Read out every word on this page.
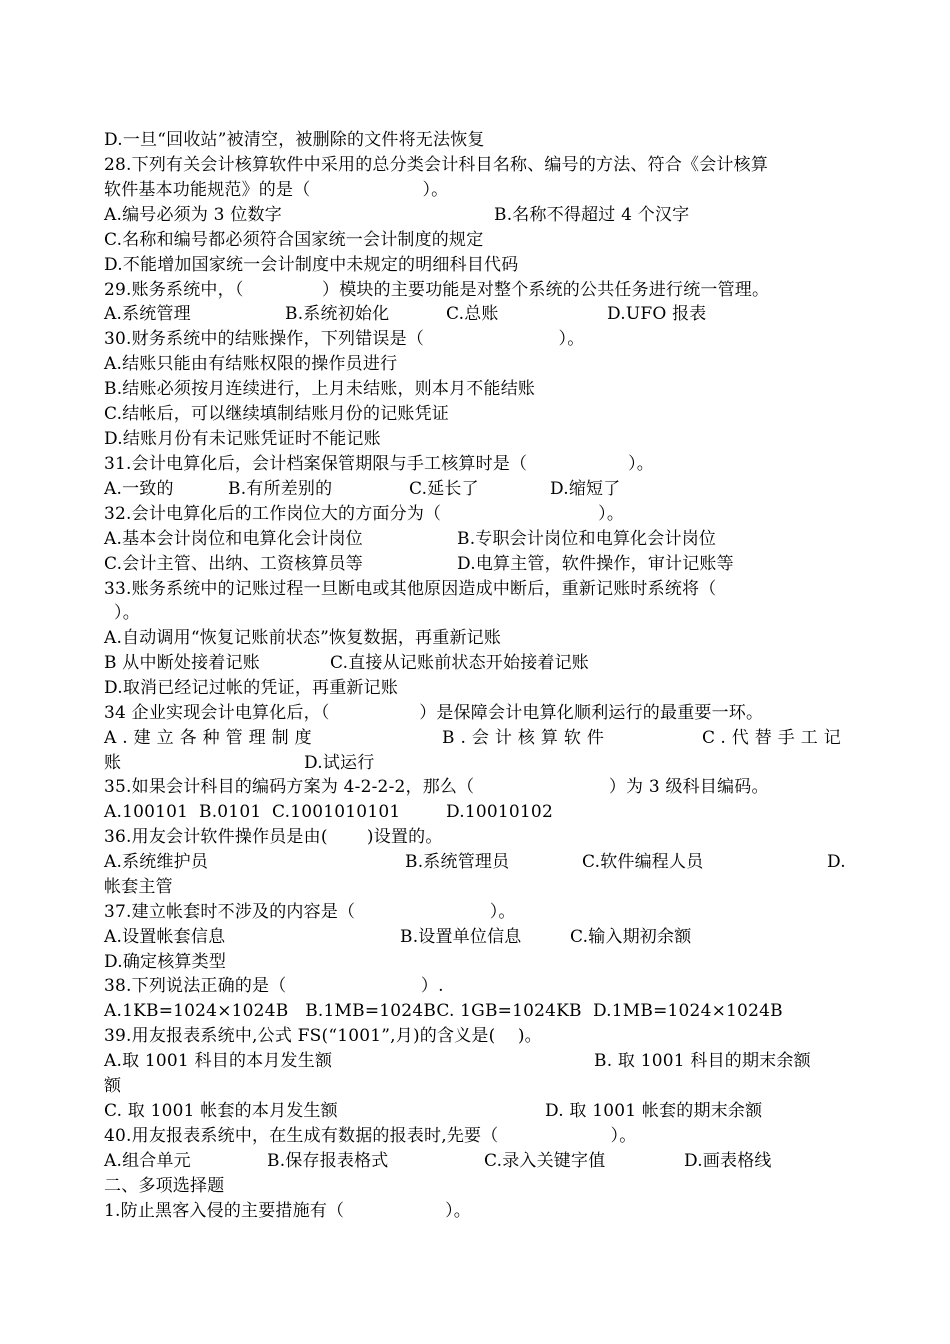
D.一旦“回收站”被清空，被删除的文件将无法恢复
28.下列有关会计核算软件中采用的总分类会计科目名称、编号的方法、符合《会计核算
软件基本功能规范》的是（                    ）。
A.编号必须为 3 位数字	B.名称不得超过 4 个汉字
C.名称和编号都必须符合国家统一会计制度的规定
D.不能增加国家统一会计制度中未规定的明细科目代码
29.账务系统中，（              ）模块的主要功能是对整个系统的公共任务进行统一管理。
A.系统管理	B.系统初始化	C.总账	D.UFO 报表
30.财务系统中的结账操作，下列错误是（                        ）。
A.结账只能由有结账权限的操作员进行
B.结账必须按月连续进行，上月未结账，则本月不能结账
C.结帐后，可以继续填制结账月份的记账凭证
D.结账月份有未记账凭证时不能记账
31.会计电算化后，会计档案保管期限与手工核算时是（                  ）。
A.一致的	B.有所差别的	C.延长了	D.缩短了
32.会计电算化后的工作岗位大的方面分为（                            ）。
A.基本会计岗位和电算化会计岗位	B.专职会计岗位和电算化会计岗位
C.会计主管、出纳、工资核算员等	D.电算主管，软件操作，审计记账等
33.账务系统中的记账过程一旦断电或其他原因造成中断后，重新记账时系统将（
）。
A.自动调用“恢复记账前状态”恢复数据，再重新记账
B 从中断处接着记账	C.直接从记账前状态开始接着记账
D.取消已经记过帐的凭证，再重新记账
34 企业实现会计电算化后，（                ）是保障会计电算化顺利运行的最重要一环。
A.建立各种管理制度	B.会计核算软件	C.代替手工记
账	D.试运行
35.如果会计科目的编码方案为 4-2-2-2，那么（                        ）为 3 级科目编码。
A.100101 B.0101 C.1001010101	D.10010102
36.用友会计软件操作员是由(       )设置的。
A.系统维护员	B.系统管理员	C.软件编程人员	D.
帐套主管
37.建立帐套时不涉及的内容是（                        ）。
A.设置帐套信息	B.设置单位信息	C.输入期初余额
D.确定核算类型
38.下列说法正确的是（                        ）.
A.1KB=1024×1024B   B.1MB=1024BC. 1GB=1024KB  D.1MB=1024×1024B
39.用友报表系统中,公式 FS(“1001”,月)的含义是(    )。
A.取 1001 科目的本月发生额	B. 取 1001 科目的期末余额
额
C. 取 1001 帐套的本月发生额	D. 取 1001 帐套的期末余额
40.用友报表系统中，在生成有数据的报表时,先要（                    ）。
A.组合单元	B.保存报表格式	C.录入关键字值	D.画表格线
二、多项选择题
1.防止黑客入侵的主要措施有（                  ）。
